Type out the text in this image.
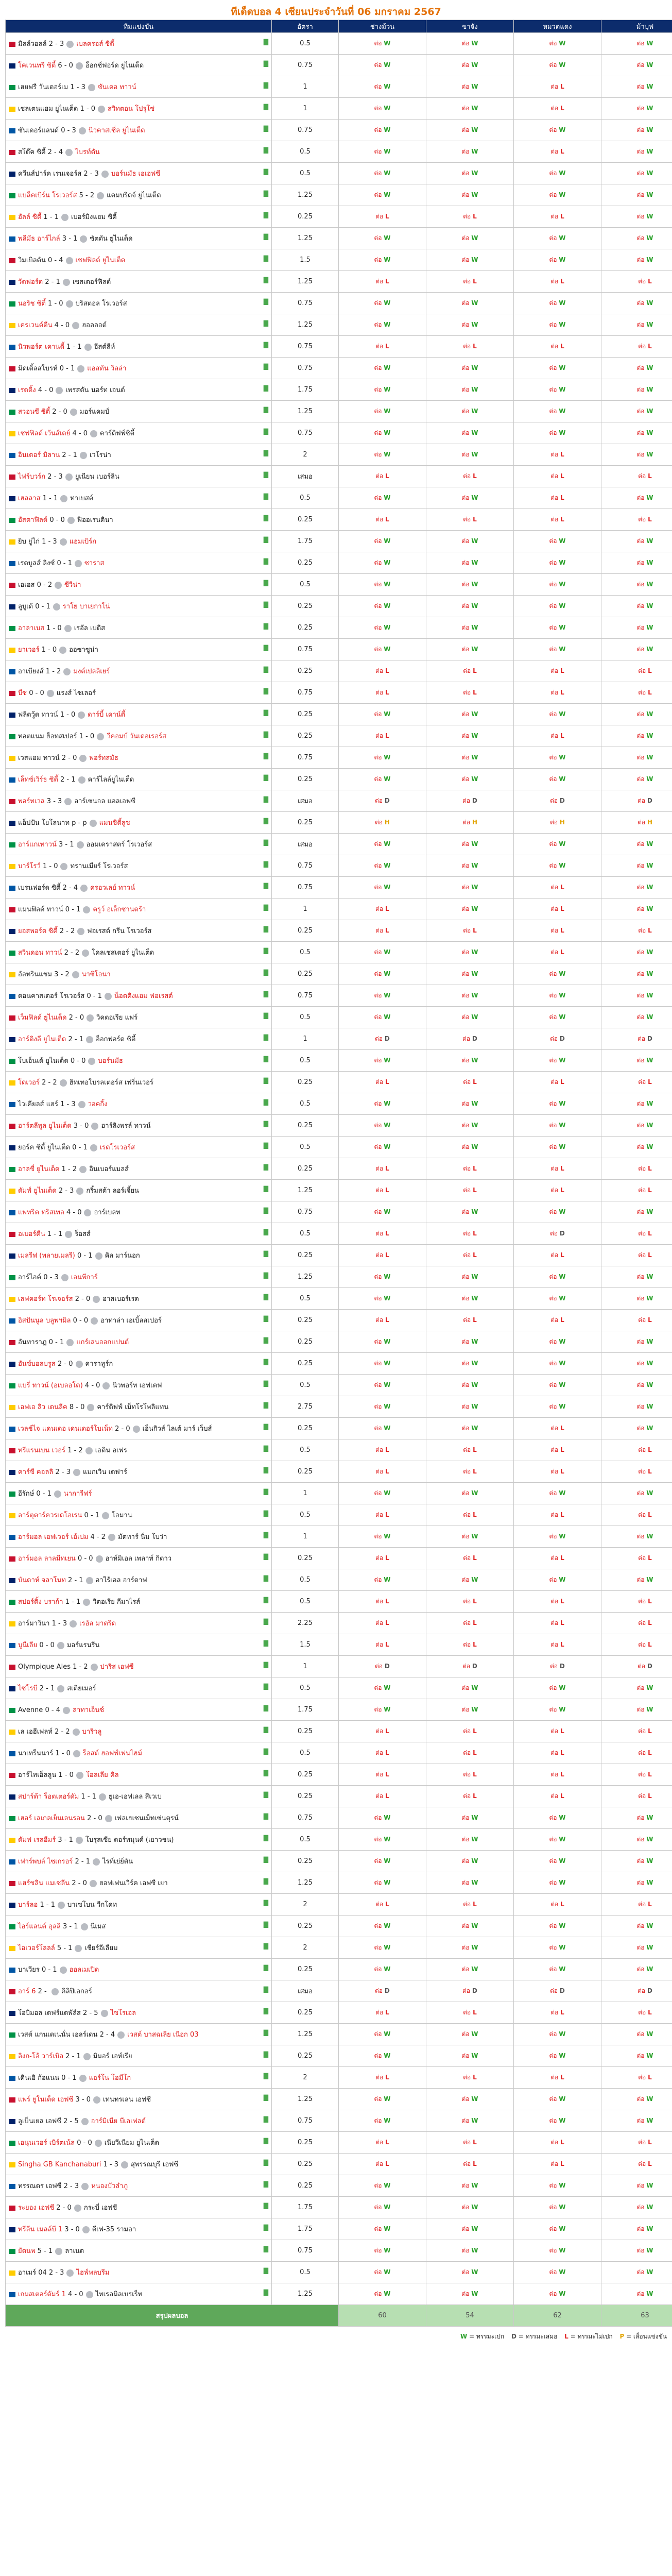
ทีเด็ดบอล 4 เซียนประจำวันที่ 06 มกราคม 2567
ทีมแข่งขัน	อัตรา	ช่างม้วน	ขาจัง	หมวดแดง	ม้าบุฟ
มิลล์วอลล์ 2 - 3 เบลครอส์ ซิตี้ ▇	0.5	ต่อ W	ต่อ W	ต่อ W	ต่อ W
โคเวนทรี ซิตี้ 6 - 0 อ็อกซ์ฟอร์ด ยูไนเต็ด ▇	0.75	ต่อ W	ต่อ W	ต่อ W	ต่อ W
เฮยฟรี วันเดอร์เม 1 - 3 ซันเดอ ทาวน์ ▇	1	ต่อ W	ต่อ W	ต่อ L	ต่อ W
เชลเตนแฮม ยูไนเต็ด 1 - 0 สวิทตอน โปรุโซ่ ▇	1	ต่อ W	ต่อ W	ต่อ L	ต่อ W
ซันเดอร์แลนด์ 0 - 3 นิวคาสเซิ่ล ยูไนเต็ด ▇	0.75	ต่อ W	ต่อ W	ต่อ W	ต่อ W
สโต๊ค ซิตี้ 2 - 4 ไบรท์ตัน ▇	0.5	ต่อ W	ต่อ W	ต่อ L	ต่อ W
ควีนส์ปาร์ค เรนเจอร์ส 2 - 3 บอร์นมัธ เอเอฟซี ▇	0.5	ต่อ W	ต่อ W	ต่อ W	ต่อ W
แบล็คเบิร์น โรเวอร์ส 5 - 2 แคมบริดจ์ ยูไนเต็ด ▇	1.25	ต่อ W	ต่อ W	ต่อ W	ต่อ W
ฮัลล์ ซิตี้ 1 - 1 เบอร์มิงแฮม ซิตี้ ▇	0.25	ต่อ L	ต่อ L	ต่อ L	ต่อ W
พลีมัธ อาร์ไกล์ 3 - 1 ซัตตัน ยูไนเต็ด ▇	1.25	ต่อ W	ต่อ W	ต่อ W	ต่อ W
วิมเบิลดัน 0 - 4 เชฟฟิลด์ ยูไนเต็ด ▇	1.5	ต่อ W	ต่อ W	ต่อ W	ต่อ W
วัตฟอร์ด 2 - 1 เชสเตอร์ฟิลด์ ▇	1.25	ต่อ L	ต่อ L	ต่อ L	ต่อ L
นอริช ซิตี้ 1 - 0 บริสตอล โรเวอร์ส ▇	0.75	ต่อ W	ต่อ W	ต่อ W	ต่อ W
เครเวนด์ดีน 4 - 0 ฮอลลอต์ ▇	1.25	ต่อ W	ต่อ W	ต่อ W	ต่อ W
นิวพอร์ต เคานตี้ 1 - 1 อีสต์ลีห์ ▇	0.75	ต่อ L	ต่อ L	ต่อ L	ต่อ L
มิดเดิ้ลสโบรห์ 0 - 1 แอสตัน วิลล่า ▇	0.75	ต่อ W	ต่อ W	ต่อ W	ต่อ W
เรดดิ้ง 4 - 0 เพรสตัน นอร์ท เอนด์ ▇	1.75	ต่อ W	ต่อ W	ต่อ W	ต่อ W
สวอนซี ซิตี้ 2 - 0 มอร์แคมป์ ▇	1.25	ต่อ W	ต่อ W	ต่อ W	ต่อ W
เชฟฟิลด์ เว้นส์เดย์ 4 - 0 คาร์ดิฟฟ์ซิตี้ ▇	0.75	ต่อ W	ต่อ W	ต่อ W	ต่อ W
อินเตอร์ มิลาน 2 - 1 เวโรน่า ▇	2	ต่อ W	ต่อ W	ต่อ L	ต่อ W
ไฟร์บวร์ก 2 - 3 ยูเนียน เบอร์ลิน ▇	เสมอ	ต่อ L	ต่อ L	ต่อ L	ต่อ L
เฮลลาส 1 - 1 ทาเบสต์ ▇	0.5	ต่อ W	ต่อ W	ต่อ L	ต่อ W
ฮัสตาฟิลด์ 0 - 0 ฟิออเรนตินา ▇	0.25	ต่อ L	ต่อ L	ต่อ L	ต่อ L
ยิบ ยู่ไก่ 1 - 3 แฮมเบิร์ก ▇	1.75	ต่อ W	ต่อ W	ต่อ W	ต่อ W
เรดบูลส์ ลิงซ์ 0 - 1 ซาราส ▇	0.25	ต่อ W	ต่อ W	ต่อ W	ต่อ W
เอเอส 0 - 2 ซีวีน่า ▇	0.5	ต่อ W	ต่อ W	ต่อ W	ต่อ W
ลูบูเด้ 0 - 1 ราโย บาเยกาโน่ ▇	0.25	ต่อ W	ต่อ W	ต่อ W	ต่อ W
อาลาเบส 1 - 0 เรอัล เบติส ▇	0.25	ต่อ W	ต่อ W	ต่อ W	ต่อ W
ยาเวอร์ 1 - 0 ออซาซูน่า ▇	0.75	ต่อ W	ต่อ W	ต่อ W	ต่อ W
อาเบียงส์ 1 - 2 มงต์เปลลิเยร์ ▇	0.25	ต่อ L	ต่อ L	ต่อ L	ต่อ L
บีซ 0 - 0 แรงส์ ไซเลอร์ ▇	0.75	ต่อ L	ต่อ L	ต่อ L	ต่อ L
ฟลีตวู้ด ทาวน์ 1 - 0 ดาร์บี้ เคาน์ตี้ ▇	0.25	ต่อ W	ต่อ W	ต่อ W	ต่อ W
ทอตแนม ฮ็อทสเปอร์ 1 - 0 วีคอมบ์ วันเดอเรอร์ส ▇	0.25	ต่อ L	ต่อ W	ต่อ L	ต่อ W
เวสแฮม ทาวน์ 2 - 0 พอร์ทสมัธ ▇	0.75	ต่อ W	ต่อ W	ต่อ W	ต่อ W
เล็ทช์เวิร์ธ ซิตี้ 2 - 1 คาร์ไลล์ยูไนเต็ด ▇	0.25	ต่อ W	ต่อ W	ต่อ W	ต่อ W
พอร์ทเวล 3 - 3 อาร์เซนอล แอลเอฟซี ▇	เสมอ	ต่อ D	ต่อ D	ต่อ D	ต่อ D
แอ็ปปัน โยโลนาท p - p แมนซิตี้ลูซ ▇	0.25	ต่อ H	ต่อ H	ต่อ H	ต่อ H
อาร์แกเทาวน์ 3 - 1 ออมเคราสตร์ โรเวอร์ส ▇	เสมอ	ต่อ W	ต่อ W	ต่อ W	ต่อ W
บาร์โรว์ 1 - 0 ทรานเมียร์ โรเวอร์ส ▇	0.75	ต่อ W	ต่อ W	ต่อ W	ต่อ W
เบรนฟอร์ด ซิตี้ 2 - 4 ครอวเลย์ ทาวน์ ▇	0.75	ต่อ W	ต่อ W	ต่อ L	ต่อ W
แมนฟิลด์ ทาวน์ 0 - 1 ครูว์ อเล็กซานดร้า ▇	1	ต่อ L	ต่อ W	ต่อ L	ต่อ W
ยอสพอร์ต ซิตี้ 2 - 2 ฟอเรสต์ กรีน โรเวอร์ส ▇	0.25	ต่อ L	ต่อ L	ต่อ L	ต่อ L
สวินดอน ทาวน์ 2 - 2 โคลเชสเตอร์ ยูไนเต็ด ▇	0.5	ต่อ W	ต่อ W	ต่อ L	ต่อ W
อัลทรินแชม 3 - 2 นาซิโอนา ▇	0.25	ต่อ W	ต่อ W	ต่อ W	ต่อ W
ดอนคาสเตอร์ โรเวอร์ส 0 - 1 น็อตติงแฮม ฟอเรสต์ ▇	0.75	ต่อ W	ต่อ W	ต่อ W	ต่อ W
เว็มฟิลด์ ยูไนเต็ด 2 - 0 วิคตอเรีย แฟร์ ▇	0.5	ต่อ W	ต่อ W	ต่อ W	ต่อ W
อาร์ดิงลี ยูไนเต็ด 2 - 1 อ็อกฟอร์ด ซิตี้ ▇	1	ต่อ D	ต่อ D	ต่อ D	ต่อ D
โบเอ็นเด้ ยูไนเต็ด 0 - 0 บอร์นมัธ ▇	0.5	ต่อ W	ต่อ W	ต่อ W	ต่อ W
โดเวอร์ 2 - 2 ฮิทเทอโบรลเตอร์ส เฟริ่นเวอร์ ▇	0.25	ต่อ L	ต่อ L	ต่อ L	ต่อ L
ไวเคียลส์ แฮร์ 1 - 3 วอคกิ้ง ▇	0.5	ต่อ W	ต่อ W	ต่อ W	ต่อ W
ฮาร์ตลีพูล ยูไนเต็ด 3 - 0 ฮาร์ลิงพรล์ ทาวน์ ▇	0.25	ต่อ W	ต่อ W	ต่อ W	ต่อ W
ยอร์ค ซิตี้ ยูไนเต็ด 0 - 1 เรดโรเวอร์ส ▇	0.5	ต่อ W	ต่อ W	ต่อ W	ต่อ W
อาลชี่ ยูไนเต็ด 1 - 2 อินเบอร์แมลส์ ▇	0.25	ต่อ L	ต่อ L	ต่อ L	ต่อ L
ดัมฟ์ ยูไนเต็ด 2 - 3 กริ้มสต้า ลอร์เจี้ยน ▇	1.25	ต่อ L	ต่อ L	ต่อ L	ต่อ L
แพทริค ทริสเทล 4 - 0 อาร์เบลท ▇	0.75	ต่อ W	ต่อ W	ต่อ W	ต่อ W
อเบอร์ดีน 1 - 1 ร็อสส์ ▇	0.5	ต่อ L	ต่อ L	ต่อ D	ต่อ L
เมลรีฟ (พลายเมลรี) 0 - 1 คิล มาร์นอก ▇	0.25	ต่อ L	ต่อ L	ต่อ L	ต่อ L
อาร์ไอค์ 0 - 3 เอนพีการ์ ▇	1.25	ต่อ W	ต่อ W	ต่อ W	ต่อ W
เลฟคอร์ท โรเจอร์ส 2 - 0 ฮาสเบอร์เรด ▇	0.5	ต่อ W	ต่อ W	ต่อ W	ต่อ W
อิสปันนูล บลูพฯมิล 0 - 0 อาทาล่า เอเบิ้ลสเปอร์ ▇	0.25	ต่อ L	ต่อ L	ต่อ L	ต่อ L
อันทาราฎ 0 - 1 แกร์เลนออกแปนต์ ▇	0.25	ต่อ W	ต่อ W	ต่อ W	ต่อ W
ฮันซ์บอลบรูส 2 - 0 คาราทูร์ก ▇	0.25	ต่อ W	ต่อ W	ต่อ W	ต่อ W
แบรี่ ทาวน์ (อเบลอโด) 4 - 0 นิวพอร์ท เอฟเคฟ ▇	0.5	ต่อ W	ต่อ W	ต่อ W	ต่อ W
เอฟเอ ลิว เดนลีค 8 - 0 คาร์ดิฟฟ์ เม็ทโรโพลิแทน ▇	2.75	ต่อ W	ต่อ W	ต่อ W	ต่อ W
เวลช์ไจ แดนเดอ เดนเดอร์โบเน็ท 2 - 0 เอ็นกิวส์ ไลเต้ มาร์ เว็บส์ ▇	0.25	ต่อ W	ต่อ W	ต่อ L	ต่อ W
ทรีแรนเบน เวอร์ 1 - 2 เอดิน อเฟร ▇	0.5	ต่อ L	ต่อ L	ต่อ L	ต่อ L
คาร์ซี คอลลิ 2 - 3 แมกเวิน เดฟาร์ ▇	0.25	ต่อ L	ต่อ L	ต่อ L	ต่อ L
อีรักษ์ 0 - 1 นาการีฟร์ ▇	1	ต่อ W	ต่อ W	ต่อ W	ต่อ W
ลาร์ตุตาร์ควรเดโอเรน 0 - 1 โอมาน ▇	0.5	ต่อ L	ต่อ L	ต่อ L	ต่อ L
อาร์มอล เอฟเวอร์ เฮ้เปม 4 - 2 มัตทาร์ นิ่ม โบว่า ▇	1	ต่อ W	ต่อ W	ต่อ W	ต่อ W
อาร์มอล ลาลมีทเยน 0 - 0 อาห์มิเอล เพลาท์ กิตาว ▇	0.25	ต่อ L	ต่อ L	ต่อ L	ต่อ L
บันดาห์ จลาโนท 2 - 1 อาไร้เอล อาร์ดาฟ ▇	0.5	ต่อ W	ต่อ W	ต่อ W	ต่อ W
สปอร์ติ้ง บราก้า 1 - 1 วิตอเรีย กีมาไรส์ ▇	0.5	ต่อ L	ต่อ L	ต่อ L	ต่อ L
อาร์มาวินา 1 - 3 เรอัล มาดริด ▇	2.25	ต่อ L	ต่อ L	ต่อ L	ต่อ L
บูนีเลีย 0 - 0 มอร์แรนรีน ▇	1.5	ต่อ L	ต่อ L	ต่อ L	ต่อ L
Olympique Ales 1 - 2 ปาริส เอฟซี ▇	1	ต่อ D	ต่อ D	ต่อ D	ต่อ D
ไซโรบี 2 - 1 สเตียเมอร์ ▇	0.5	ต่อ W	ต่อ W	ต่อ W	ต่อ W
Avenne 0 - 4 ลาทาเอ็นซ์ ▇	1.75	ต่อ W	ต่อ W	ต่อ W	ต่อ W
เล เอฮีเฟลท์ 2 - 2 บาริวลู ▇	0.25	ต่อ L	ต่อ L	ต่อ L	ต่อ L
นาเทร็นนาร์ 1 - 0 ร็อสต์ ฮอฟฟ์เฟนไฮม์ ▇	0.5	ต่อ L	ต่อ L	ต่อ L	ต่อ L
อาร์ไทเอ็ลลูน 1 - 0 โอลเลีย คิล ▇	0.25	ต่อ L	ต่อ L	ต่อ L	ต่อ L
สปาร์ต้า ร็อตเตอร์ดัม 1 - 1 ยูเอ-เอฟเลล สีเวเบ ▇	0.25	ต่อ L	ต่อ L	ต่อ L	ต่อ L
เฮอร์ เลเกลเย็นเลนรอน 2 - 0 เฟลเฮเซนเม็ทเซ่นตุรน์ ▇	0.75	ต่อ W	ต่อ W	ต่อ W	ต่อ W
ดัมฟ เรลฮีมร์ 3 - 1 โบรุสเซีย ดอร์ทมุนด์ (เยาวชน) ▇	0.5	ต่อ W	ต่อ W	ต่อ W	ต่อ W
เฟาร์พบล์ ไซเกรอร์ 2 - 1 ไรท์เย่ย์ดัน ▇	0.25	ต่อ W	ต่อ W	ต่อ W	ต่อ W
แฮร์ชลิน แมเซลีน 2 - 0 ฮอฟเฟนเวิร์ค เอฟซี เยา ▇	1.25	ต่อ W	ต่อ W	ต่อ W	ต่อ W
บาร์ลอ 1 - 1 บาเซโบน วีกโดท ▇	2	ต่อ L	ต่อ L	ต่อ L	ต่อ L
ไอร์แลนด์ อุลลิ 3 - 1 นีเมส ▇	0.25	ต่อ W	ต่อ W	ต่อ W	ต่อ W
ไอเวอร์โลลล์ 5 - 1 เชียร์อีเลียม ▇	2	ต่อ W	ต่อ W	ต่อ W	ต่อ W
บาเวียร 0 - 1 ออลเมเปิด ▇	0.25	ต่อ W	ต่อ W	ต่อ W	ต่อ W
อาร์ 6 2 - คิลิปิเอกอร์ ▇	เสมอ	ต่อ D	ต่อ D	ต่อ D	ต่อ D
โอบิมอล เดฟร์แดพัล์ส 2 - 5 ไซโรเอล ▇	0.25	ต่อ L	ต่อ L	ต่อ L	ต่อ L
เวสต์ แกนเดเนนั่น เอลร์เดน 2 - 4 เวสต์ บาสฉเลีย เนือก 03 ▇	1.25	ต่อ W	ต่อ W	ต่อ W	ต่อ W
ลิงก-โอ้ วาร์เบิล 2 - 1 มิมอร์ เอท์เรีย ▇	0.25	ต่อ W	ต่อ W	ต่อ W	ต่อ W
เดินเอิ ก้อแนน 0 - 1 แอร์โน โฮมีโก ▇	2	ต่อ L	ต่อ L	ต่อ L	ต่อ L
แพร์ ยูโนเต็ด เอฟซี 3 - 0 เทนทรเลน เอฟซี ▇	1.25	ต่อ W	ต่อ W	ต่อ W	ต่อ W
ลูเบ็นเยล เอฟซี 2 - 5 อาร์มิเนีย บีเลเฟลด์ ▇	0.75	ต่อ W	ต่อ W	ต่อ W	ต่อ W
เอนุนเวอร์ เบิร์ตเน้ล 0 - 0 เนียวีเนียม ยูไนเต็ด ▇	0.25	ต่อ L	ต่อ L	ต่อ L	ต่อ L
Singha GB Kanchanaburi 1 - 3 สุพรรณบุรี เอฟซี ▇	0.25	ต่อ L	ต่อ L	ต่อ L	ต่อ L
ทรรณดร เอฟซี 2 - 3 หนองบัวลำภู ▇	0.25	ต่อ W	ต่อ W	ต่อ W	ต่อ W
ระยอง เอฟซี 2 - 0 กระบี่ เอฟซี ▇	1.75	ต่อ W	ต่อ W	ต่อ W	ต่อ W
ทรีลีน เมลล์บี 1 3 - 0 ดีเฟ-35 รามอา ▇	1.75	ต่อ W	ต่อ W	ต่อ W	ต่อ W
ยัตนพ 5 - 1 ลาเนต ▇	0.75	ต่อ W	ต่อ W	ต่อ W	ต่อ W
อาเมร์ 04 2 - 3 ไฮฟ์พลบรีม ▇	0.5	ต่อ W	ต่อ W	ต่อ W	ต่อ W
เกมสเตอร์ดัมร์ 1 4 - 0 ไทเรลมิลเบรเร็ท ▇	1.25	ต่อ W	ต่อ W	ต่อ W	ต่อ W
สรุปผลบอล		60	54	62	63
W = ทรรมะเปก D = ทรรมะเสมอ L = ทรรมะไม่เปก P = เลื่อนแข่งขัน
